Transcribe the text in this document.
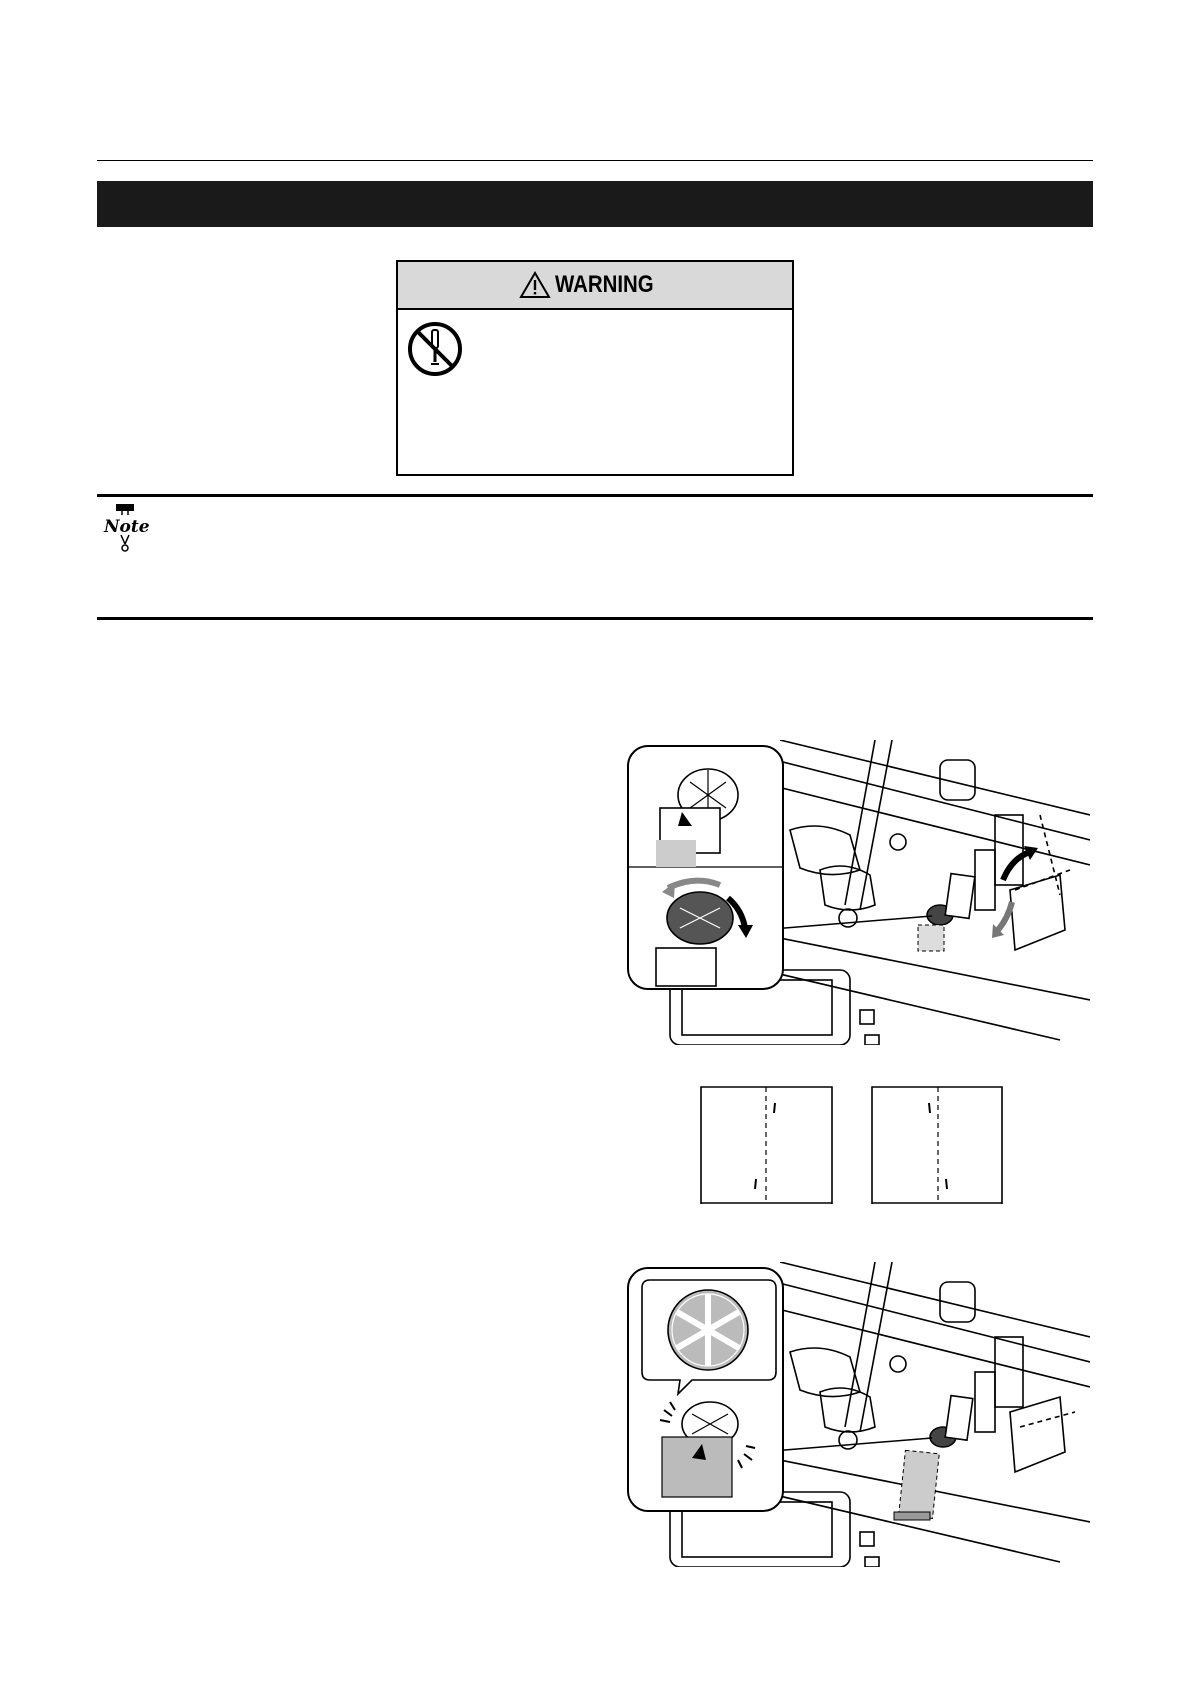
WARNING
Note
